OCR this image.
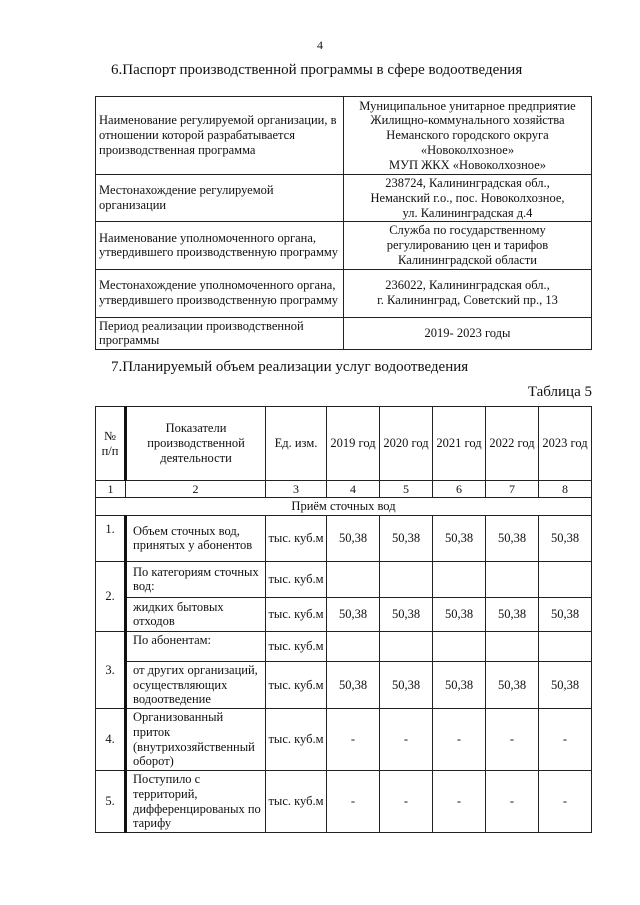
4
6.Паспорт производственной программы в сфере водоотведения
Наименование регулируемой организации, в отношении которой разрабатывается производственная программа	Муниципальное унитарное предприятие
Жилищно-коммунального хозяйства
Неманского городского округа
«Новоколхозное»
МУП ЖКХ «Новоколхозное»

Местонахождение регулируемой организации	238724, Калининградская обл.,
Неманский г.о., пос. Новоколхозное,
ул. Калининградская д.4

Наименование уполномоченного органа, утвердившего производственную программу	Служба по государственному
регулированию цен и тарифов
Калининградской области

Местонахождение уполномоченного органа, утвердившего производственную программу	236022, Калининградская обл.,
г. Калининград, Советский пр., 13

Период реализации производственной программы	2019- 2023 годы
7.Планируемый объем реализации услуг водоотведения
Таблица 5
№ п/п	Показатели производственной деятельности	Ед. изм.	2019 год	2020 год	2021 год	2022 год	2023 год
1	2	3	4	5	6	7	8
Приём сточных вод							
1.	Объем сточных вод, принятых у абонентов	тыс. куб.м	50,38	50,38	50,38	50,38	50,38
2.	По категориям сточных вод:	тыс. куб.м					
	жидких бытовых отходов	тыс. куб.м	50,38	50,38	50,38	50,38	50,38
3.	По абонентам:	тыс. куб.м					
	от других организаций, осуществляющих водоотведение	тыс. куб.м	50,38	50,38	50,38	50,38	50,38
4.	Организованный приток (внутрихозяйственный оборот)	тыс. куб.м	-	-	-	-	-
5.	Поступило с территорий, дифференцированых по тарифу	тыс. куб.м	-	-	-	-	-
